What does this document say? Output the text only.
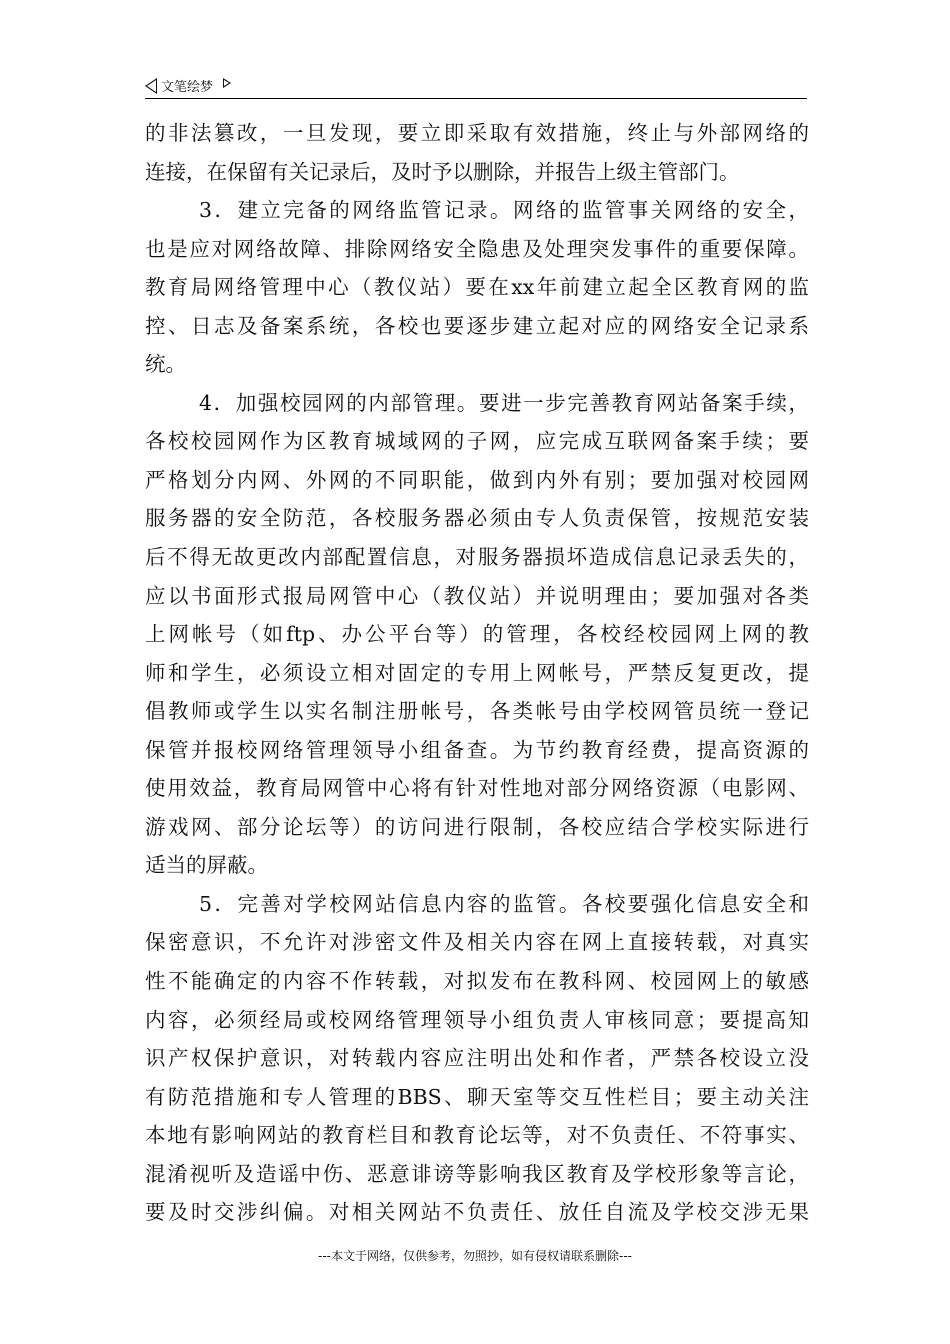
文笔绘梦
的非法篡改，一旦发现，要立即采取有效措施，终止与外部网络的
连接，在保留有关记录后，及时予以删除，并报告上级主管部门。
3．建立完备的网络监管记录。网络的监管事关网络的安全，
也是应对网络故障、排除网络安全隐患及处理突发事件的重要保障。
教育局网络管理中心（教仪站）要在xx年前建立起全区教育网的监
控、日志及备案系统，各校也要逐步建立起对应的网络安全记录系
统。
4．加强校园网的内部管理。要进一步完善教育网站备案手续，
各校校园网作为区教育城域网的子网，应完成互联网备案手续；要
严格划分内网、外网的不同职能，做到内外有别；要加强对校园网
服务器的安全防范，各校服务器必须由专人负责保管，按规范安装
后不得无故更改内部配置信息，对服务器损坏造成信息记录丢失的，
应以书面形式报局网管中心（教仪站）并说明理由；要加强对各类
上网帐号（如ftp、办公平台等）的管理，各校经校园网上网的教
师和学生，必须设立相对固定的专用上网帐号，严禁反复更改，提
倡教师或学生以实名制注册帐号，各类帐号由学校网管员统一登记
保管并报校网络管理领导小组备查。为节约教育经费，提高资源的
使用效益，教育局网管中心将有针对性地对部分网络资源（电影网、
游戏网、部分论坛等）的访问进行限制，各校应结合学校实际进行
适当的屏蔽。
5．完善对学校网站信息内容的监管。各校要强化信息安全和
保密意识，不允许对涉密文件及相关内容在网上直接转载，对真实
性不能确定的内容不作转载，对拟发布在教科网、校园网上的敏感
内容，必须经局或校网络管理领导小组负责人审核同意；要提高知
识产权保护意识，对转载内容应注明出处和作者，严禁各校设立没
有防范措施和专人管理的BBS、聊天室等交互性栏目；要主动关注
本地有影响网站的教育栏目和教育论坛等，对不负责任、不符事实、
混淆视听及造谣中伤、恶意诽谤等影响我区教育及学校形象等言论，
要及时交涉纠偏。对相关网站不负责任、放任自流及学校交涉无果
---本文于网络，仅供参考，勿照抄，如有侵权请联系删除---
